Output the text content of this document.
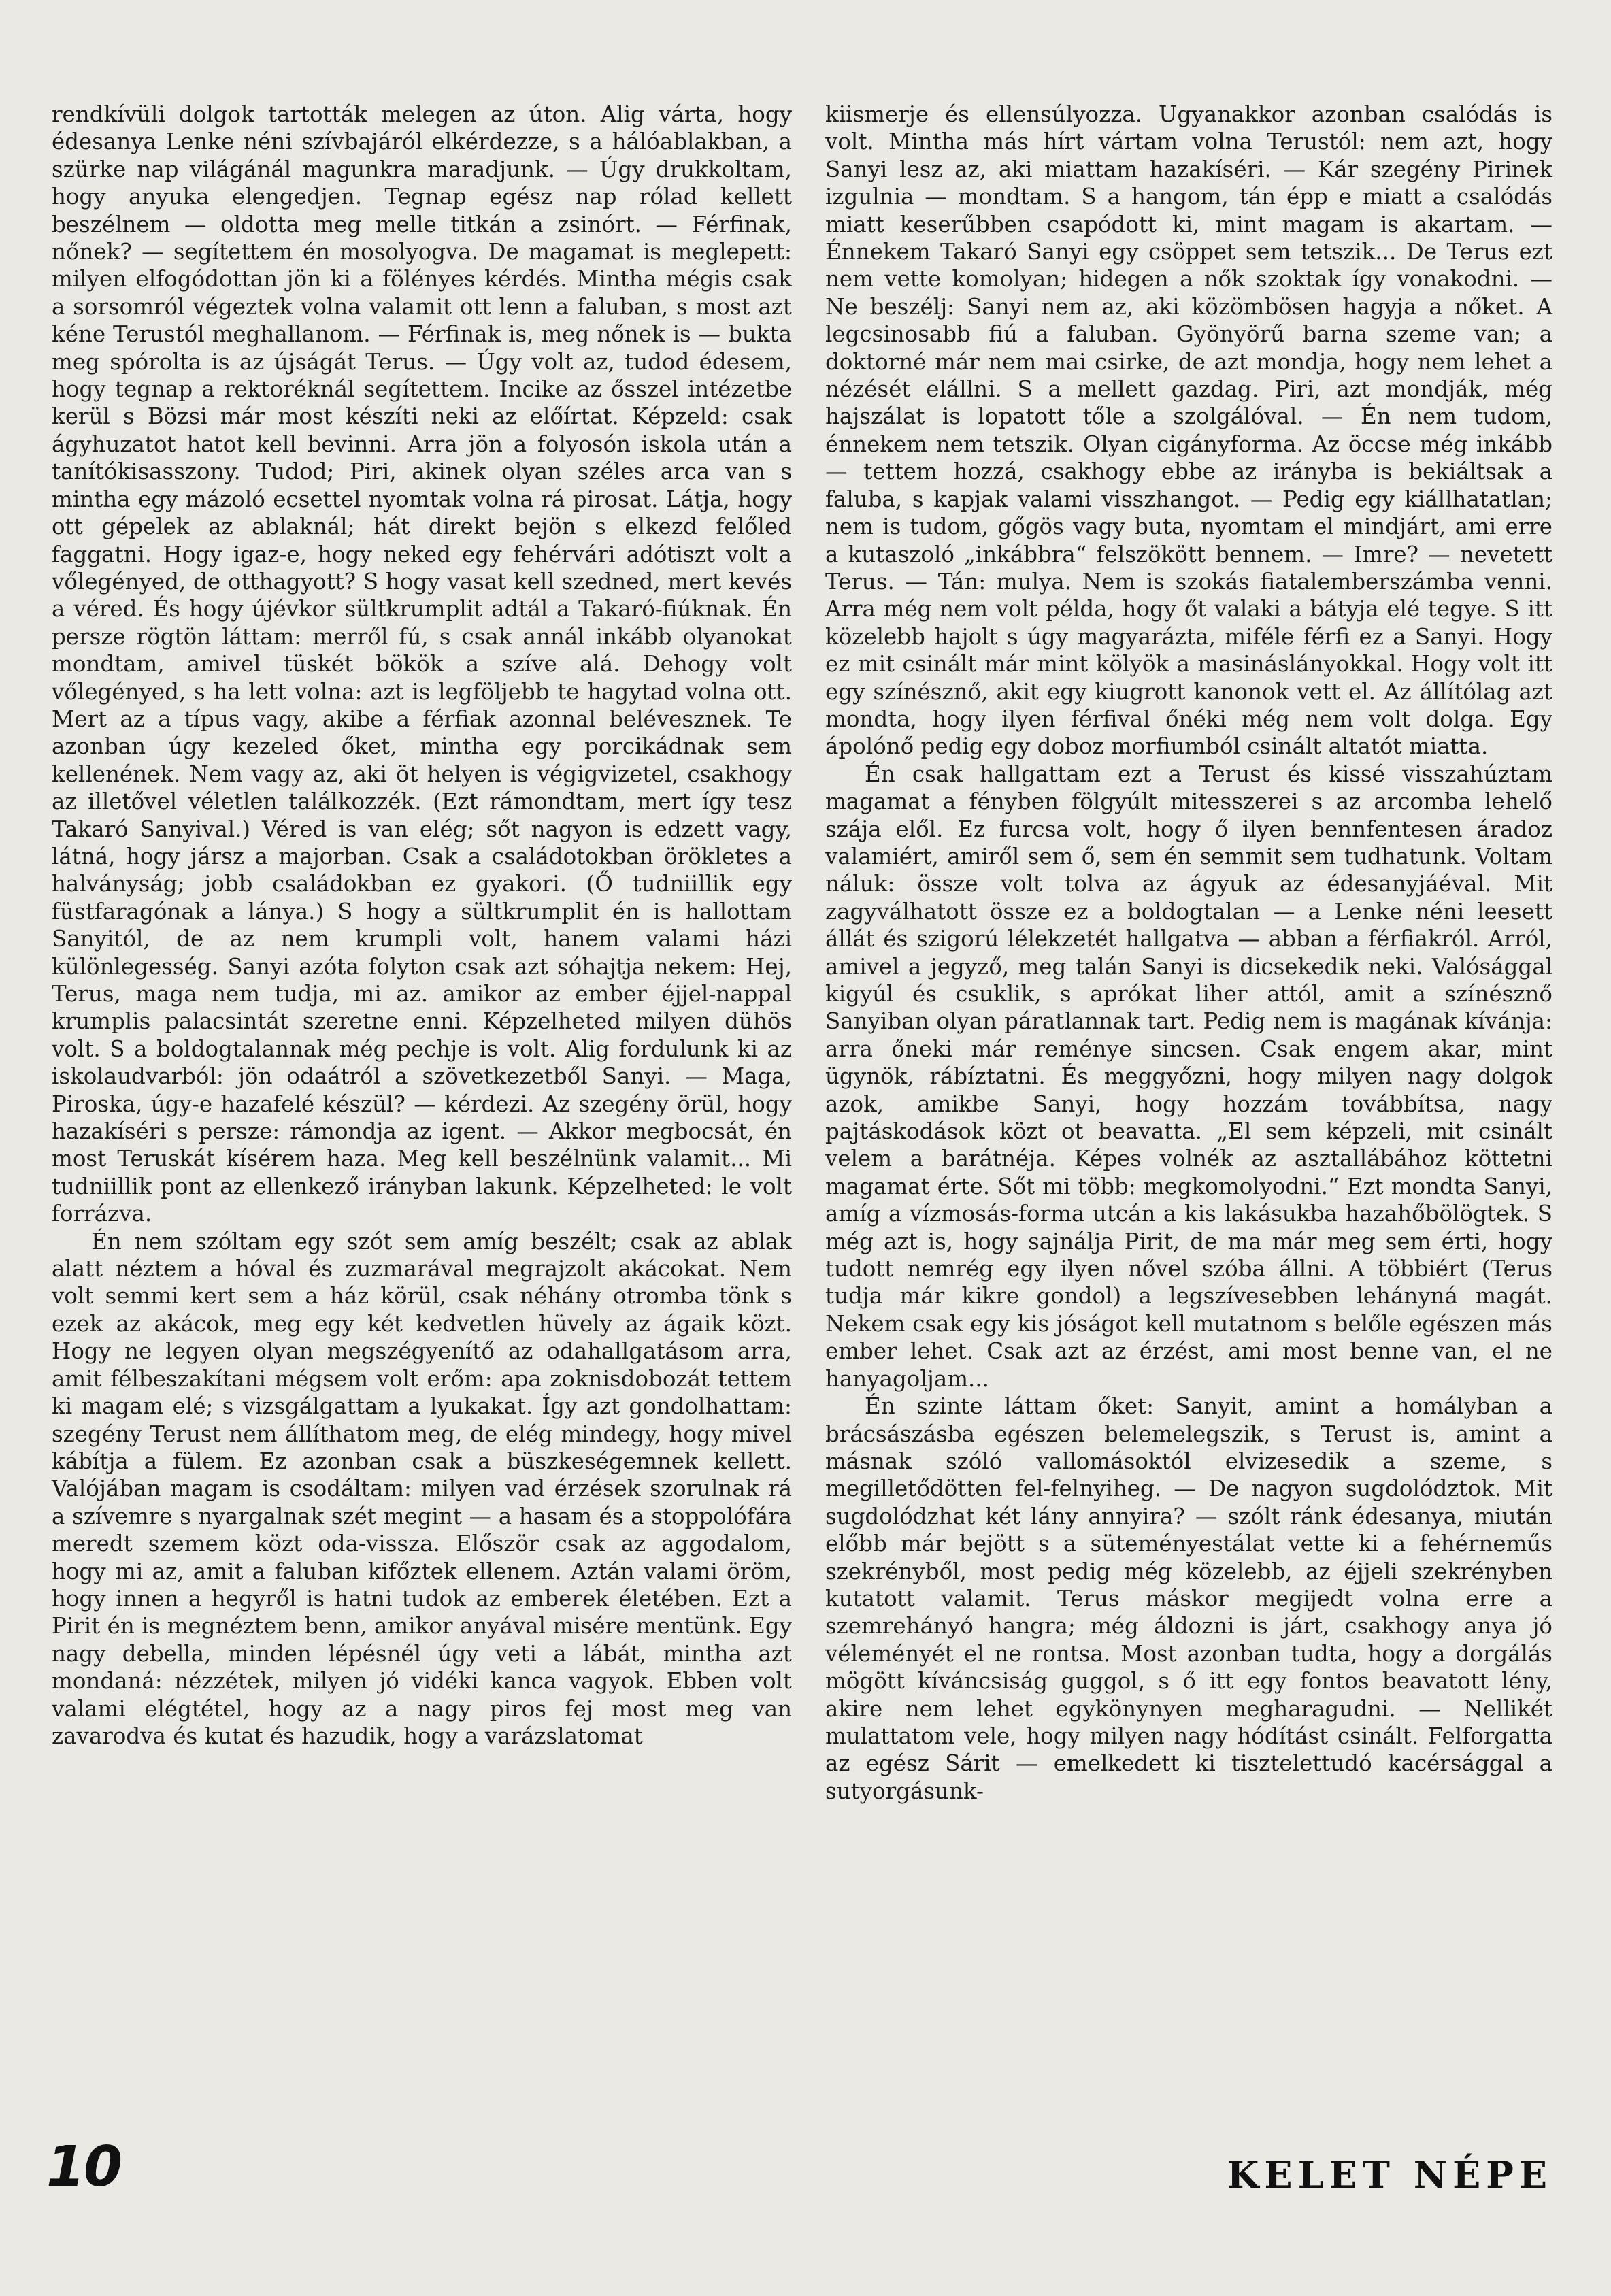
rendkívüli dolgok tartották melegen az úton. Alig várta, hogy édesanya Lenke néni szívbajáról elkérdezze, s a hálóablakban, a szürke nap világánál magunkra maradjunk. — Úgy drukkoltam, hogy anyuka elengedjen. Tegnap egész nap rólad kellett beszélnem — oldotta meg melle titkán a zsinórt. — Férfinak, nőnek? — segítettem én mosolyogva. De magamat is meglepett: milyen elfogódottan jön ki a fölényes kérdés. Mintha mégis csak a sorsomról végeztek volna valamit ott lenn a faluban, s most azt kéne Terustól meghallanom. — Férfinak is, meg nőnek is — bukta meg spórolta is az újságát Terus. — Úgy volt az, tudod édesem, hogy tegnap a rektoréknál segítettem. Incike az ősszel intézetbe kerül s Bözsi már most készíti neki az előírtat. Képzeld: csak ágyhuzatot hatot kell bevinni. Arra jön a folyosón iskola után a tanítókisasszony. Tudod; Piri, akinek olyan széles arca van s mintha egy mázoló ecsettel nyomtak volna rá pirosat. Látja, hogy ott gépelek az ablaknál; hát direkt bejön s elkezd felőled faggatni. Hogy igaz-e, hogy neked egy fehérvári adótiszt volt a vőlegényed, de otthagyott? S hogy vasat kell szedned, mert kevés a véred. És hogy újévkor sültkrumplit adtál a Takaró-fiúknak. Én persze rögtön láttam: merről fú, s csak annál inkább olyanokat mondtam, amivel tüskét bökök a szíve alá. Dehogy volt vőlegényed, s ha lett volna: azt is legföljebb te hagytad volna ott. Mert az a típus vagy, akibe a férfiak azonnal belévesznek. Te azonban úgy kezeled őket, mintha egy porcikádnak sem kellenének. Nem vagy az, aki öt helyen is végigvizetel, csakhogy az illetővel véletlen találkozzék. (Ezt rámondtam, mert így tesz Takaró Sanyival.) Véred is van elég; sőt nagyon is edzett vagy, látná, hogy jársz a majorban. Csak a családotokban örökletes a halványság; jobb családokban ez gyakori. (Ő tudniillik egy füstfaragónak a lánya.) S hogy a sültkrumplit én is hallottam Sanyitól, de az nem krumpli volt, hanem valami házi különlegesség. Sanyi azóta folyton csak azt sóhajtja nekem: Hej, Terus, maga nem tudja, mi az. amikor az ember éjjel-nappal krumplis palacsintát szeretne enni. Képzelheted milyen dühös volt. S a boldogtalannak még pechje is volt. Alig fordulunk ki az iskolaudvarból: jön odaátról a szövetkezetből Sanyi. — Maga, Piroska, úgy-e hazafelé készül? — kérdezi. Az szegény örül, hogy hazakíséri s persze: rámondja az igent. — Akkor megbocsát, én most Teruskát kísérem haza. Meg kell beszélnünk valamit... Mi tudniillik pont az ellenkező irányban lakunk. Képzelheted: le volt forrázva.

Én nem szóltam egy szót sem amíg beszélt; csak az ablak alatt néztem a hóval és zuzmarával megrajzolt akácokat. Nem volt semmi kert sem a ház körül, csak néhány otromba tönk s ezek az akácok, meg egy két kedvetlen hüvely az ágaik közt. Hogy ne legyen olyan megszégyenítő az odahallgatásom arra, amit félbeszakítani mégsem volt erőm: apa zoknisdobozát tettem ki magam elé; s vizsgálgattam a lyukakat. Így azt gondolhattam: szegény Terust nem állíthatom meg, de elég mindegy, hogy mivel kábítja a fülem. Ez azonban csak a büszkeségemnek kellett. Valójában magam is csodáltam: milyen vad érzések szorulnak rá a szívemre s nyargalnak szét megint — a hasam és a stoppolófára meredt szemem közt oda-vissza. Először csak az aggodalom, hogy mi az, amit a faluban kifőztek ellenem. Aztán valami öröm, hogy innen a hegyről is hatni tudok az emberek életében. Ezt a Pirit én is megnéztem benn, amikor anyával misére mentünk. Egy nagy debella, minden lépésnél úgy veti a lábát, mintha azt mondaná: nézzétek, milyen jó vidéki kanca vagyok. Ebben volt valami elégtétel, hogy az a nagy piros fej most meg van zavarodva és kutat és hazudik, hogy a varázslatomat

kiismerje és ellensúlyozza. Ugyanakkor azonban csalódás is volt. Mintha más hírt vártam volna Terustól: nem azt, hogy Sanyi lesz az, aki miattam hazakíséri. — Kár szegény Pirinek izgulnia — mondtam. S a hangom, tán épp e miatt a csalódás miatt keserűbben csapódott ki, mint magam is akartam. — Énnekem Takaró Sanyi egy csöppet sem tetszik... De Terus ezt nem vette komolyan; hidegen a nők szoktak így vonakodni. — Ne beszélj: Sanyi nem az, aki közömbösen hagyja a nőket. A legcsinosabb fiú a faluban. Gyönyörű barna szeme van; a doktorné már nem mai csirke, de azt mondja, hogy nem lehet a nézését elállni. S a mellett gazdag. Piri, azt mondják, még hajszálat is lopatott tőle a szolgálóval. — Én nem tudom, énnekem nem tetszik. Olyan cigányforma. Az öccse még inkább — tettem hozzá, csakhogy ebbe az irányba is bekiáltsak a faluba, s kapjak valami visszhangot. — Pedig egy kiállhatatlan; nem is tudom, gőgös vagy buta, nyomtam el mindjárt, ami erre a kutaszoló „inkábbra“ felszökött bennem. — Imre? — nevetett Terus. — Tán: mulya. Nem is szokás fiatalemberszámba venni. Arra még nem volt példa, hogy őt valaki a bátyja elé tegye. S itt közelebb hajolt s úgy magyarázta, miféle férfi ez a Sanyi. Hogy ez mit csinált már mint kölyök a masináslányokkal. Hogy volt itt egy színésznő, akit egy kiugrott kanonok vett el. Az állítólag azt mondta, hogy ilyen férfival őnéki még nem volt dolga. Egy ápolónő pedig egy doboz morfiumból csinált altatót miatta.

Én csak hallgattam ezt a Terust és kissé visszahúztam magamat a fényben fölgyúlt mitesszerei s az arcomba lehelő szája elől. Ez furcsa volt, hogy ő ilyen bennfentesen áradoz valamiért, amiről sem ő, sem én semmit sem tudhatunk. Voltam náluk: össze volt tolva az ágyuk az édesanyjáéval. Mit zagyválhatott össze ez a boldogtalan — a Lenke néni leesett állát és szigorú lélekzetét hallgatva — abban a férfiakról. Arról, amivel a jegyző, meg talán Sanyi is dicsekedik neki. Valósággal kigyúl és csuklik, s aprókat lihег attól, amit a színésznő Sanyiban olyan páratlannak tart. Pedig nem is magának kívánja: arra őneki már reménye sincsen. Csak engem akar, mint ügynök, rábíztatni. És meggyőzni, hogy milyen nagy dolgok azok, amikbe Sanyi, hogy hozzám továbbítsa, nagy pajtáskodások közt ot beavatta. „El sem képzeli, mit csinált velem a barátnéja. Képes volnék az asztallábához köttetni magamat érte. Sőt mi több: megkomolyodni.“ Ezt mondta Sanyi, amíg a vízmosás-forma utcán a kis lakásukba hazahőbölögtek. S még azt is, hogy sajnálja Pirit, de ma már meg sem érti, hogy tudott nemrég egy ilyen nővel szóba állni. A többiért (Terus tudja már kikre gondol) a legszívesebben lehányná magát. Nekem csak egy kis jóságot kell mutatnom s belőle egészen más ember lehet. Csak azt az érzést, ami most benne van, el ne hanyagoljam...

Én szinte láttam őket: Sanyit, amint a homályban a brácsászásba egészen belemelegszik, s Terust is, amint a másnak szóló vallomásoktól elvizesedik a szeme, s megilletődötten fel-felnyiheg. — De nagyon sugdolództok. Mit sugdolódzhat két lány annyira? — szólt ránk édesanya, miután előbb már bejött s a süteményestálat vette ki a fehérneműs szekrényből, most pedig még közelebb, az éjjeli szekrényben kutatott valamit. Terus máskor megijedt volna erre a szemrehányó hangra; még áldozni is járt, csakhogy anya jó véleményét el ne rontsa. Most azonban tudta, hogy a dorgálás mögött kíváncsiság guggol, s ő itt egy fontos beavatott lény, akire nem lehet egykönynyen megharagudni. — Nellikét mulattatom vele, hogy milyen nagy hódítást csinált. Felforgatta az egész Sárit — emelkedett ki tisztelettudó kacérsággal a sutyorgásunk-

10	KELET NÉPE
